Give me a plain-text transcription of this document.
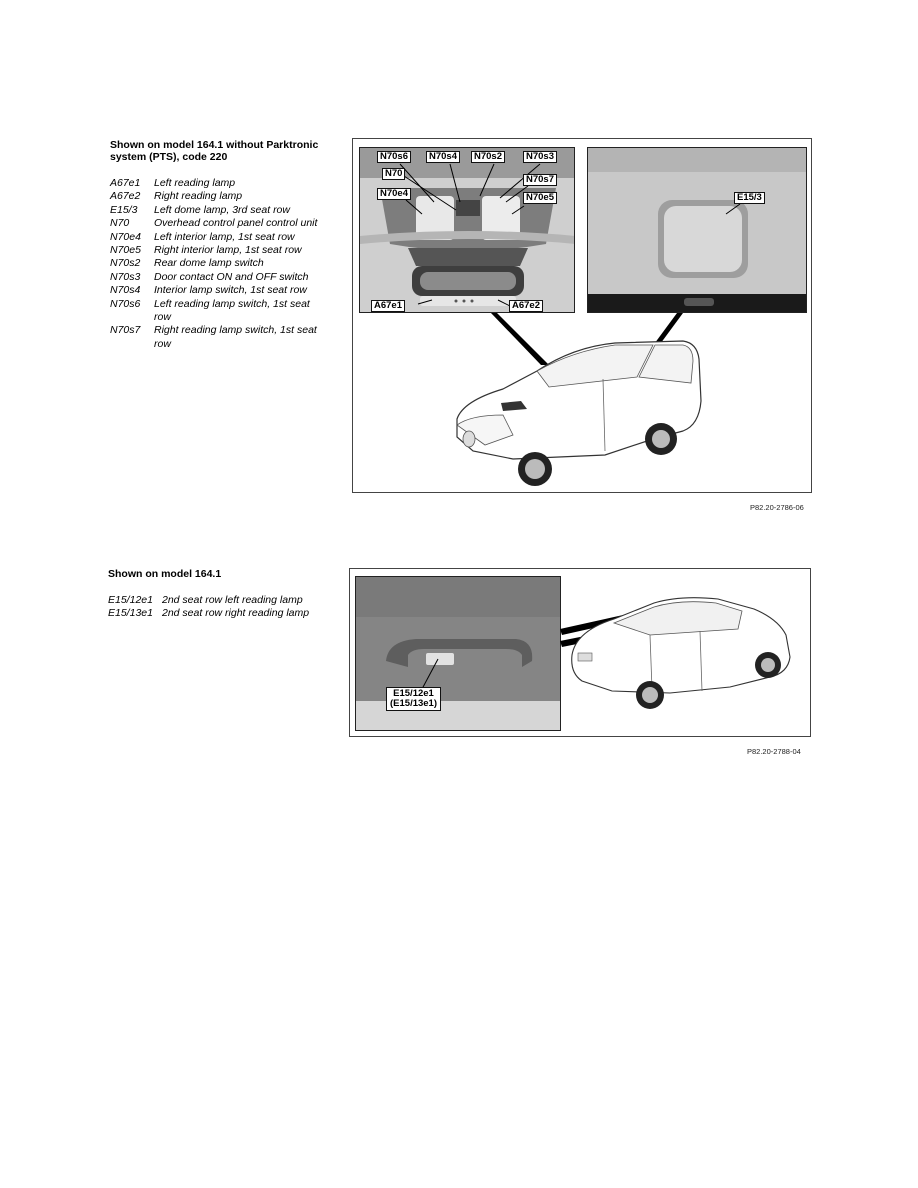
Shown on model 164.1 without Parktronic system (PTS), code 220
A67e1	Left reading lamp
A67e2	Right reading lamp
E15/3	Left dome lamp, 3rd seat row
N70	Overhead control panel control unit
N70e4	Left interior lamp, 1st seat row
N70e5	Right interior lamp, 1st seat row
N70s2	Rear dome lamp switch
N70s3	Door contact ON and OFF switch
N70s4	Interior lamp switch, 1st seat row
N70s6	Left reading lamp switch, 1st seat row
N70s7	Right reading lamp switch, 1st seat row
N70s6	N70s4	N70s2	N70s3
N70
N70s7
N70e4	N70e5
A67e1	A67e2
E15/3
P82.20-2786-06
Shown on model 164.1
E15/12e1 2nd seat row left reading lamp
E15/13e1 2nd seat row right reading lamp
E15/12e1
(E15/13e1)
P82.20-2788-04
